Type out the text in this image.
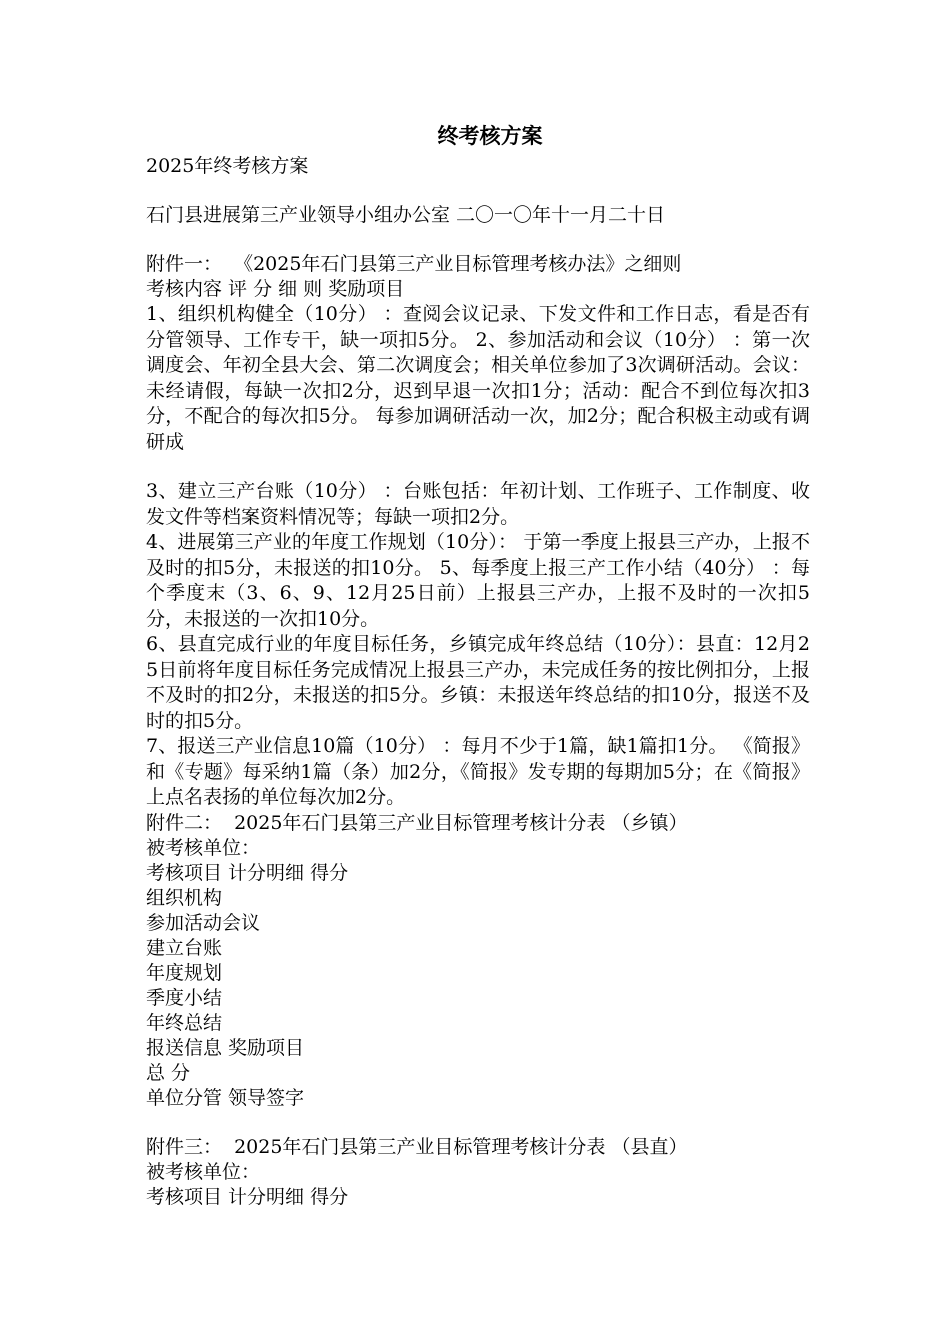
终考核方案

2025年终考核方案

石门县进展第三产业领导小组办公室 二〇一〇年十一月二十日

附件一：  《2025年石门县第三产业目标管理考核办法》之细则

考核内容 评 分 细 则 奖励项目

1、组织机构健全（10分） ：查阅会议记录、下发文件和工作日志，看是否有分管领导、工作专干，缺一项扣5分。 2、参加活动和会议（10分） ：第一次调度会、年初全县大会、第二次调度会；相关单位参加了3次调研活动。会议：未经请假，每缺一次扣2分，迟到早退一次扣1分；活动：配合不到位每次扣3分，不配合的每次扣5分。 每参加调研活动一次，加2分；配合积极主动或有调研成

3、建立三产台账（10分） ：台账包括：年初计划、工作班子、工作制度、收发文件等档案资料情况等；每缺一项扣2分。

4、进展第三产业的年度工作规划（10分）： 于第一季度上报县三产办，上报不及时的扣5分，未报送的扣10分。 5、每季度上报三产工作小结（40分） ：每个季度末（3、6、9、12月25日前）上报县三产办，上报不及时的一次扣5分，未报送的一次扣10分。

6、县直完成行业的年度目标任务，乡镇完成年终总结（10分）：县直：12月25日前将年度目标任务完成情况上报县三产办，未完成任务的按比例扣分，上报不及时的扣2分，未报送的扣5分。乡镇：未报送年终总结的扣10分，报送不及时的扣5分。

7、报送三产业信息10篇（10分） ：每月不少于1篇，缺1篇扣1分。 《简报》和《专题》每采纳1篇（条）加2分，《简报》发专期的每期加5分；在《简报》上点名表扬的单位每次加2分。

附件二：  2025年石门县第三产业目标管理考核计分表 （乡镇）

被考核单位：

考核项目 计分明细 得分

组织机构

参加活动会议

建立台账

年度规划

季度小结

年终总结

报送信息 奖励项目

总 分

单位分管 领导签字

附件三：  2025年石门县第三产业目标管理考核计分表 （县直）

被考核单位：

考核项目 计分明细 得分
